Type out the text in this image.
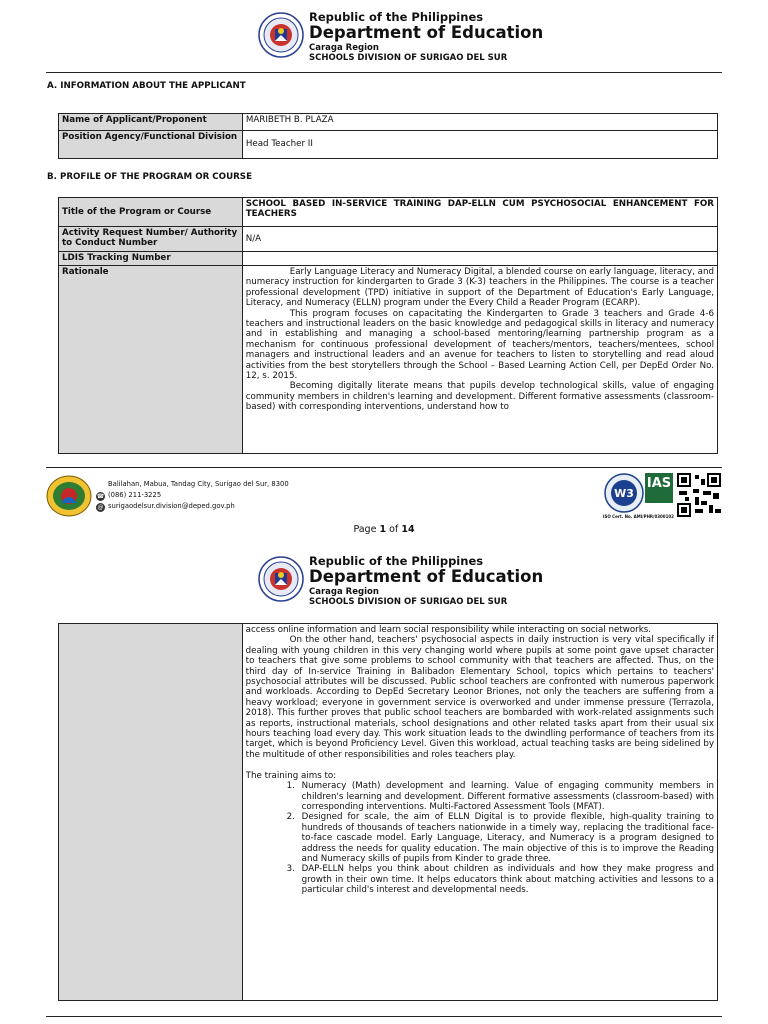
Republic of the Philippines
Department of Education
Caraga Region
SCHOOLS DIVISION OF SURIGAO DEL SUR
A. INFORMATION ABOUT THE APPLICANT
Name of Applicant/Proponent	MARIBETH B. PLAZA
Position Agency/Functional Division	Head Teacher II
B. PROFILE OF THE PROGRAM OR COURSE
Title of the Program or Course	SCHOOL BASED IN-SERVICE TRAINING DAP-ELLN CUM PSYCHOSOCIAL ENHANCEMENT FOR TEACHERS
Activity Request Number/ Authority to Conduct Number	N/A
LDIS Tracking Number	
Rationale	Early Language Literacy and Numeracy Digital, a blended course on early language, literacy, and numeracy instruction for kindergarten to Grade 3 (K-3) teachers in the Philippines. The course is a teacher professional development (TPD) initiative in support of the Department of Education's Early Language, Literacy, and Numeracy (ELLN) program under the Every Child a Reader Program (ECARP).

This program focuses on capacitating the Kindergarten to Grade 3 teachers and Grade 4-6 teachers and instructional leaders on the basic knowledge and pedagogical skills in literacy and numeracy and in establishing and managing a school-based mentoring/learning partnership program as a mechanism for continuous professional development of teachers/mentors, teachers/mentees, school managers and instructional leaders and an avenue for teachers to listen to storytelling and read aloud activities from the best storytellers through the School – Based Learning Action Cell, per DepEd Order No. 12, s. 2015.

Becoming digitally literate means that pupils develop technological skills, value of engaging community members in children's learning and development. Different formative assessments (classroom-based) with corresponding interventions, understand how to

Balilahan, Mabua, Tandag City, Surigao del Sur, 8300
☎ (086) 211-3225
@ surigaodelsur.division@deped.gov.ph
W3
IAS
ISO Cert. No. AMI/PHR/0300102
Page 1 of 14
Republic of the Philippines
Department of Education
Caraga Region
SCHOOLS DIVISION OF SURIGAO DEL SUR

access online information and learn social responsibility while interacting on social networks.

On the other hand, teachers' psychosocial aspects in daily instruction is very vital specifically if dealing with young children in this very changing world where pupils at some point gave upset character to teachers that give some problems to school community with that teachers are affected. Thus, on the third day of In-service Training in Balibadon Elementary School, topics which pertains to teachers' psychosocial attributes will be discussed. Public school teachers are confronted with numerous paperwork and workloads. According to DepEd Secretary Leonor Briones, not only the teachers are suffering from a heavy workload; everyone in government service is overworked and under immense pressure (Terrazola, 2018). This further proves that public school teachers are bombarded with work-related assignments such as reports, instructional materials, school designations and other related tasks apart from their usual six hours teaching load every day. This work situation leads to the dwindling performance of teachers from its target, which is beyond Proficiency Level. Given this workload, actual teaching tasks are being sidelined by the multitude of other responsibilities and roles teachers play.

The training aims to:

1. Numeracy (Math) development and learning. Value of engaging community members in children's learning and development. Different formative assessments (classroom-based) with corresponding interventions. Multi-Factored Assessment Tools (MFAT).
2. Designed for scale, the aim of ELLN Digital is to provide flexible, high-quality training to hundreds of thousands of teachers nationwide in a timely way, replacing the traditional face-to-face cascade model. Early Language, Literacy, and Numeracy is a program designed to address the needs for quality education. The main objective of this is to improve the Reading and Numeracy skills of pupils from Kinder to grade three.
3. DAP-ELLN helps you think about children as individuals and how they make progress and growth in their own time. It helps educators think about matching activities and lessons to a particular child's interest and developmental needs.
